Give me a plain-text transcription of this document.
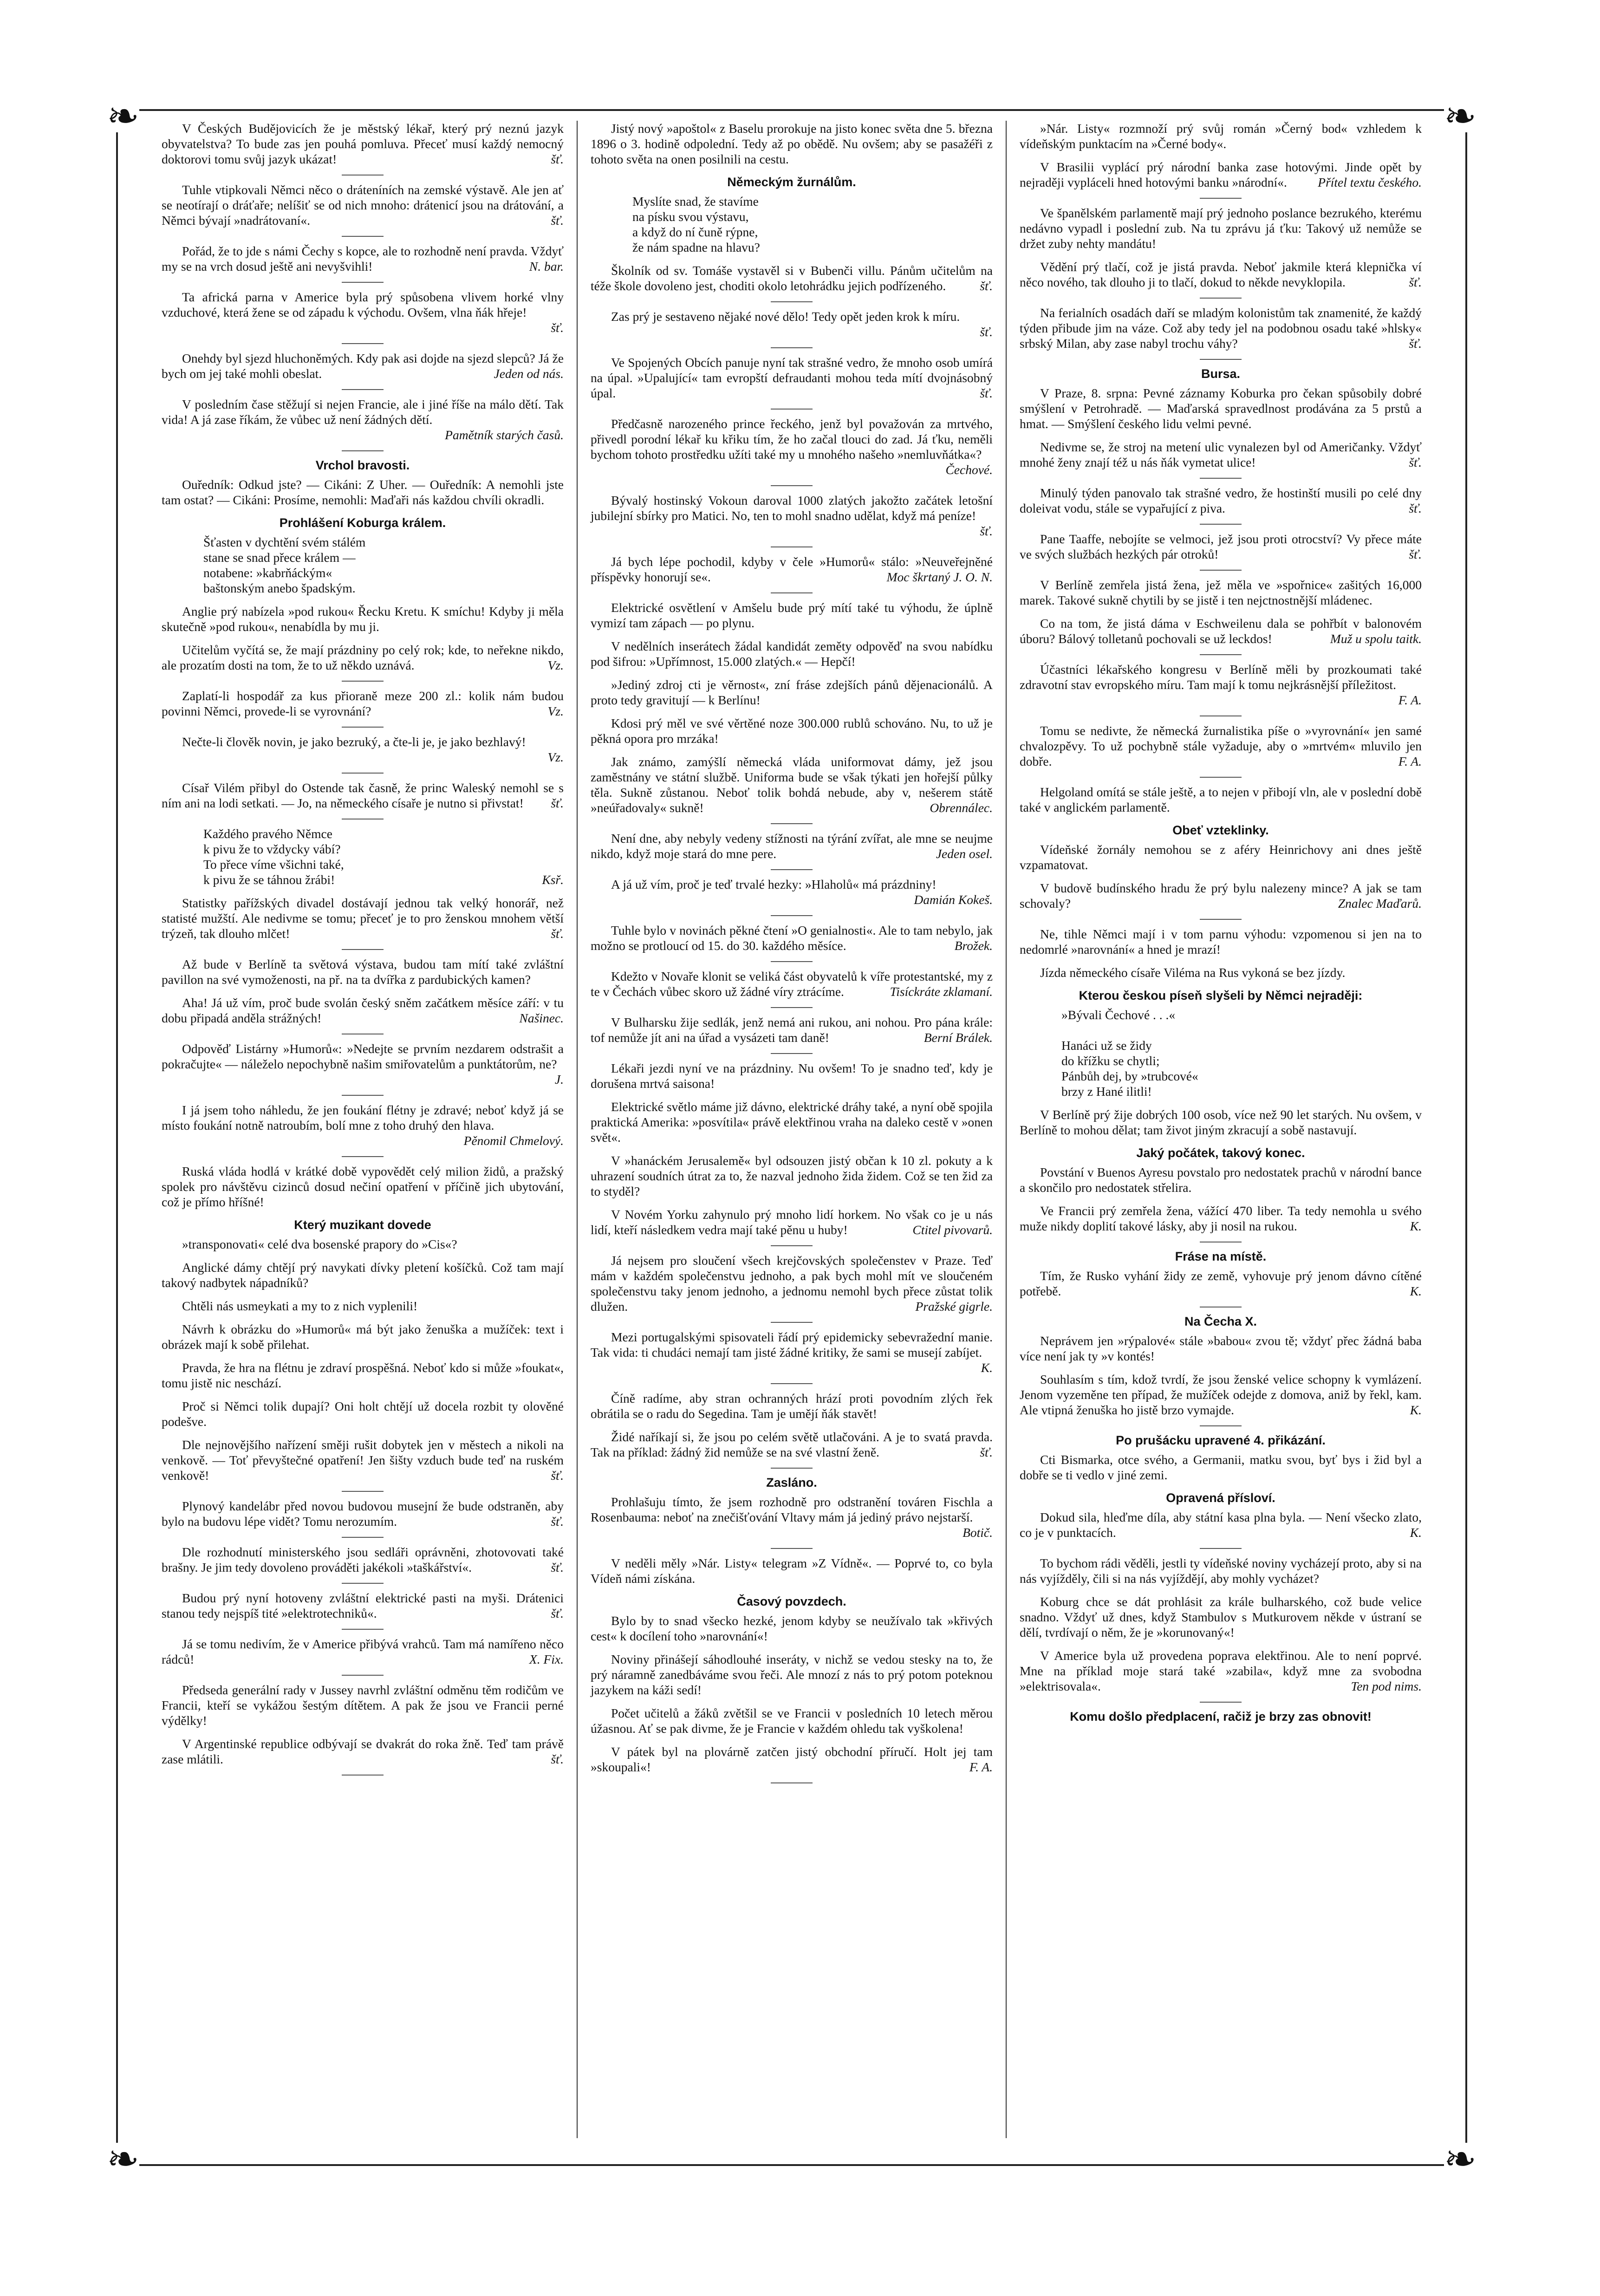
❧	❧
❧	❧
V Českých Budějovicích že je městský lékař, který prý neznú jazyk obyvatelstva? To bude zas jen pouhá pomluva. Přeceť musí každý nemocný doktorovi tomu svůj jazyk ukázat!	šť.
Tuhle vtipkovali Němci něco o dráteníních na zemské výstavě. Ale jen ať se neotírají o dráťaře; nelíšiť se od nich mnoho: drátenicí jsou na drátování, a Němci bývají »nadrátovaní«.	šť.
Pořád, že to jde s námi Čechy s kopce, ale to rozhodně není pravda. Vždyť my se na vrch dosud ještě ani nevyšvihli!	N. bar.
Ta africká parna v Americe byla prý spůsobena vlivem horké vlny vzduchové, která žene se od západu k východu. Ovšem, vlna ňák hřeje!
šť.
Onehdy byl sjezd hluchoněmých. Kdy pak asi dojde na sjezd slepců? Já že bych om jej také mohli obeslat.	Jeden od nás.
V posledním čase stěžují si nejen Francie, ale i jiné říše na málo dětí. Tak vida! A já zase říkám, že vůbec už není žádných dětí.
Pamětník starých časů.
Vrchol bravosti.
Ouředník: Odkud jste? — Cikáni: Z Uher. — Ouředník: A nemohli jste tam ostat? — Cikáni: Prosíme, nemohli: Maďaři nás každou chvíli okradli.
Prohlášení Koburga králem.
Šťasten v dychtění svém stálém
stane se snad přece králem —
notabene: »kabrňáckým«
baštonským anebo špadským.
Anglie prý nabízela »pod rukou« Řecku Kretu. K smíchu! Kdyby ji měla skutečně »pod rukou«, nenabídla by mu ji.
Učitelům vyčítá se, že mají prázdniny po celý rok; kde, to neřekne nikdo, ale prozatím dosti na tom, že to už někdo uznává.	Vz.
Zaplatí-li hospodář za kus přioraně meze 200 zl.: kolik nám budou povinni Němci, provede-li se vyrovnání?	Vz.
Nečte-li člověk novin, je jako bezruký, a čte-li je, je jako bezhlavý!
Vz.
Císař Vilém přibyl do Ostende tak časně, že princ Waleský nemohl se s ním ani na lodi setkati. — Jo, na německého císaře je nutno si přivstat!	šť.
Každého pravého Němce
k pivu že to vždycky vábí?
To přece víme všichni také,
k pivu že se táhnou žrábi!	Ksř.
Statistky pařížských divadel dostávají jednou tak velký honorář, než statisté mužští. Ale nedivme se tomu; přeceť je to pro ženskou mnohem větší trýzeň, tak dlouho mlčet!	šť.
Až bude v Berlíně ta světová výstava, budou tam mítí také zvláštní pavillon na své vymoženosti, na př. na ta dvířka z pardubických kamen?
Aha! Já už vím, proč bude svolán český sněm začátkem měsíce září: v tu dobu připadá anděla strážných!	Našinec.
Odpověď Listárny »Humorů«: »Nedejte se prvním nezdarem odstrašit a pokračujte« — náleželo nepochybně našim smiřovatelům a punktátorům, ne?
J.
I já jsem toho náhledu, že jen foukání flétny je zdravé; neboť když já se místo foukání notně natroubím, bolí mne z toho druhý den hlava.
Pěnomil Chmelový.
Ruská vláda hodlá v krátké době vypovědět celý milion židů, a pražský spolek pro návštěvu cizinců dosud nečiní opatření v příčině jich ubytování, což je přímo hříšné!
Který muzikant dovede
»transponovati« celé dva bosenské prapory do »Cis«?
Anglické dámy chtějí prý navykati dívky pletení košíčků. Což tam mají takový nadbytek nápadníků?
Chtěli nás usmeykati a my to z nich vyplenili!
Návrh k obrázku do »Humorů« má být jako ženuška a mužíček: text i obrázek mají k sobě přilehat.
Pravda, že hra na flétnu je zdraví prospěšná. Neboť kdo si může »foukat«, tomu jistě nic neschází.
Proč si Němci tolik dupají? Oni holt chtějí už docela rozbit ty olověné podešve.
Dle nejnovějšího nařízení směji rušit dobytek jen v městech a nikoli na venkově. — Toť převyštečné opatření! Jen šišty vzduch bude teď na ruském venkově!	šť.
Plynový kandelábr před novou budovou musejní že bude odstraněn, aby bylo na budovu lépe vidět? Tomu nerozumím.	šť.
Dle rozhodnutí ministerského jsou sedláři oprávněni, zhotovovati také brašny. Je jim tedy dovoleno prováděti jakékoli »taškářství«.	šť.
Budou prý nyní hotoveny zvláštní elektrické pasti na myši. Drátenici stanou tedy nejspíš tité »elektrotechniků«.	šť.
Já se tomu nedivím, že v Americe přibývá vrahců. Tam má namířeno něco rádců!	X. Fix.
Předseda generální rady v Jussey navrhl zvláštní odměnu těm rodičům ve Francii, kteří se vykážou šestým dítětem. A pak že jsou ve Francii perné výdělky!
V Argentinské republice odbývají se dvakrát do roka žně. Teď tam právě zase mlátili.	šť.
Jistý nový »apoštol« z Baselu prorokuje na jisto konec světa dne 5. března 1896 o 3. hodině odpolední. Tedy až po obědě. Nu ovšem; aby se pasažéři z tohoto světa na onen posilnili na cestu.
Německým žurnálům.
Myslíte snad, že stavíme
na písku svou výstavu,
a když do ní čuně rýpne,
že nám spadne na hlavu?
Školník od sv. Tomáše vystavěl si v Bubenči villu. Pánům učitelům na téže škole dovoleno jest, choditi okolo letohrádku jejich podřízeného.	šť.
Zas prý je sestaveno nějaké nové dělo! Tedy opět jeden krok k míru.
šť.
Ve Spojených Obcích panuje nyní tak strašné vedro, že mnoho osob umírá na úpal. »Upalující« tam evropští defraudanti mohou teda mítí dvojnásobný úpal.	šť.
Předčasně narozeného prince řeckého, jenž byl považován za mrtvého, přivedl porodní lékař ku křiku tím, že ho začal tlouci do zad. Já ťku, neměli bychom tohoto prostředku užíti také my u mnohého našeho »nemluvňátka«?
Čechové.
Bývalý hostinský Vokoun daroval 1000 zlatých jakožto začátek letošní jubilejní sbírky pro Matici. No, ten to mohl snadno udělat, když má peníze!
šť.
Já bych lépe pochodil, kdyby v čele »Humorů« stálo: »Neuveřejněné příspěvky honorují se«.	Moc škrtaný J. O. N.
Elektrické osvětlení v Amšelu bude prý mítí také tu výhodu, že úplně vymizí tam zápach — po plynu.
V nedělních inserátech žádal kandidát zeměty odpověď na svou nabídku pod šifrou: »Upřímnost, 15.000 zlatých.« — Hepčí!
»Jediný zdroj cti je věrnost«, zní fráse zdejších pánů dějenacionálů. A proto tedy gravitují — k Berlínu!
Kdosi prý měl ve své věrtěné noze 300.000 rublů schováno. Nu, to už je pěkná opora pro mrzáka!
Jak známo, zamýšlí německá vláda uniformovat dámy, jež jsou zaměstnány ve státní službě. Uniforma bude se však týkati jen hořejší půlky těla. Sukně zůstanou. Neboť tolik bohdá nebude, aby v, nešerem státě »neúřadovaly« sukně!	Obrennálec.
Není dne, aby nebyly vedeny stížnosti na týrání zvířat, ale mne se neujme nikdo, když moje stará do mne pere.	Jeden osel.
A já už vím, proč je teď trvalé hezky: »Hlaholů« má prázdniny!
Damián Kokeš.
Tuhle bylo v novinách pěkné čtení »O genialnosti«. Ale to tam nebylo, jak možno se protloucí od 15. do 30. každého měsíce.	Brožek.
Kdežto v Novaře klonit se veliká část obyvatelů k víře protestantské, my z te v Čechách vůbec skoro už žádné víry ztrácíme.	Tisíckráte zklamaní.
V Bulharsku žije sedlák, jenž nemá ani rukou, ani nohou. Pro pána krále: tof nemůže jít ani na úřad a vysázeti tam daně!	Berní Brálek.
Lékaři jezdi nyní ve na prázdniny. Nu ovšem! To je snadno teď, kdy je dorušena mrtvá saisona!
Elektrické světlo máme již dávno, elektrické dráhy také, a nyní obě spojila praktická Amerika: »posvítila« právě elektřinou vraha na daleko cestě v »onen svět«.
V »hanáckém Jerusalemě« byl odsouzen jistý občan k 10 zl. pokuty a k uhrazení soudních útrat za to, že nazval jednoho žida židem. Což se ten žid za to styděl?
V Novém Yorku zahynulo prý mnoho lidí horkem. No však co je u nás lidí, kteří následkem vedra mají také pěnu u huby!	Ctitel pivovarů.
Já nejsem pro sloučení všech krejčovských společenstev v Praze. Teď mám v každém společenstvu jednoho, a pak bych mohl mít ve sloučeném společenstvu taky jenom jednoho, a jednomu nemohl bych přece zůstat tolik dlužen.	Pražské gigrle.
Mezi portugalskými spisovateli řádí prý epidemicky sebevražední manie. Tak vida: ti chudáci nemají tam jisté žádné kritiky, že sami se musejí zabíjet.
K.
Číně radíme, aby stran ochranných hrází proti povodním zlých řek obrátila se o radu do Segedina. Tam je umějí ňák stavět!
Židé naříkají si, že jsou po celém světě utlačováni. A je to svatá pravda. Tak na příklad: žádný žid nemůže se na své vlastní ženě.	šť.
Zasláno.
Prohlašuju tímto, že jsem rozhodně pro odstranění továren Fischla a Rosenbauma: neboť na znečišťování Vltavy mám já jediný právo nejstarší.
Botič.
V neděli měly »Nár. Listy« telegram »Z Vídně«. — Poprvé to, co byla Vídeň námi získána.
Časový povzdech.
Bylo by to snad všecko hezké, jenom kdyby se neužívalo tak »křivých cest« k docílení toho »narovnání«!
Noviny přinášejí sáhodlouhé inseráty, v nichž se vedou stesky na to, že prý náramně zanedbáváme svou řeči. Ale mnozí z nás to prý potom poteknou jazykem na káži sedí!
Počet učitelů a žáků zvětšil se ve Francii v posledních 10 letech měrou úžasnou. Ať se pak divme, že je Francie v každém ohledu tak vyškolena!
V pátek byl na plovárně zatčen jistý obchodní příručí. Holt jej tam »skoupali«!	F. A.
»Nár. Listy« rozmnoží prý svůj román »Černý bod« vzhledem k vídeňským punktacím na »Černé body«.
V Brasilii vyplácí prý národní banka zase hotovými. Jinde opět by nejraději vypláceli hned hotovými banku »národní«.	Přítel textu českého.
Ve španělském parlamentě mají prý jednoho poslance bezrukého, kterému nedávno vypadl i poslední zub. Na tu zprávu já ťku: Takový už nemůže se držet zuby nehty mandátu!
Vědění prý tlačí, což je jistá pravda. Neboť jakmile která klepnička ví něco nového, tak dlouho ji to tlačí, dokud to někde nevyklopila.	šť.
Na ferialních osadách daří se mladým kolonistům tak znamenité, že každý týden přibude jim na váze. Což aby tedy jel na podobnou osadu také »hlsky« srbský Milan, aby zase nabyl trochu váhy?	šť.
Bursa.
V Praze, 8. srpna: Pevné záznamy Koburka pro čekan spůsobily dobré smýšlení v Petrohradě. — Maďarská spravedlnost prodávána za 5 prstů a hmat. — Smýšlení českého lidu velmi pevné.
Nedivme se, že stroj na metení ulic vynalezen byl od Američanky. Vždyť mnohé ženy znají též u nás ňák vymetat ulice!	šť.
Minulý týden panovalo tak strašné vedro, že hostinští musili po celé dny doleivat vodu, stále se vypařující z piva.	šť.
Pane Taaffe, nebojíte se velmoci, jež jsou proti otrocství? Vy přece máte ve svých službách hezkých pár otroků!	šť.
V Berlíně zemřela jistá žena, jež měla ve »spořnice« zašitých 16,000 marek. Takové sukně chytili by se jistě i ten nejctnostnější mládenec.
Co na tom, že jistá dáma v Eschweilenu dala se pohřbít v balonovém úboru? Bálový tolletanů pochovali se už leckdos!	Muž u spolu taitk.
Účastníci lékařského kongresu v Berlíně měli by prozkoumati také zdravotní stav evropského míru. Tam mají k tomu nejkrásnější příležitost.
F. A.
Tomu se nedivte, že německá žurnalistika píše o »vyrovnání« jen samé chvalozpěvy. To už pochybně stále vyžaduje, aby o »mrtvém« mluvilo jen dobře.	F. A.
Helgoland omítá se stále ještě, a to nejen v přibojí vln, ale v poslední době také v anglickém parlamentě.
Obeť vzteklinky.
Vídeňské žornály nemohou se z aféry Heinrichovy ani dnes ještě vzpamatovat.
V budově budínského hradu že prý bylu nalezeny mince? A jak se tam schovaly?	Znalec Maďarů.
Ne, tihle Němci mají i v tom parnu výhodu: vzpomenou si jen na to nedomrlé »narovnání« a hned je mrazí!
Jízda německého císaře Viléma na Rus vykoná se bez jízdy.
Kterou českou píseň slyšeli by Němci nejraději:
»Bývali Čechové . . .«

Hanáci už se židy
do křížku se chytli;
Pánbůh dej, by »trubcové«
brzy z Hané ilitli!
V Berlíně prý žije dobrých 100 osob, více než 90 let starých. Nu ovšem, v Berlíně to mohou dělat; tam život jiným zkracují a sobě nastavují.
Jaký počátek, takový konec.
Povstání v Buenos Ayresu povstalo pro nedostatek prachů v národní bance a skončilo pro nedostatek střelira.
Ve Francii prý zemřela žena, vážící 470 liber. Ta tedy nemohla u svého muže nikdy doplití takové lásky, aby ji nosil na rukou.	K.
Fráse na místě.
Tím, že Rusko vyhání židy ze země, vyhovuje prý jenom dávno cítěné potřebě.	K.
Na Čecha X.
Neprávem jen »rýpalové« stále »babou« zvou tě; vždyť přec žádná baba více není jak ty »v kontés!
Souhlasím s tím, kdož tvrdí, že jsou ženské velice schopny k vymlázení. Jenom vyzeměne ten případ, že mužíček odejde z domova, aniž by řekl, kam. Ale vtipná ženuška ho jistě brzo vymajde.	K.
Po prušácku upravené 4. přikázání.
Cti Bismarka, otce svého, a Germanii, matku svou, byť bys i žid byl a dobře se ti vedlo v jiné zemi.
Opravená přísloví.
Dokud sila, hleďme díla, aby státní kasa plna byla. — Není všecko zlato, co je v punktacích.	K.
To bychom rádi věděli, jestli ty vídeňské noviny vycházejí proto, aby si na nás vyjížděly, čili si na nás vyjíždějí, aby mohly vycházet?
Koburg chce se dát prohlásit za krále bulharského, což bude velice snadno. Vždyť už dnes, když Stambulov s Mutkurovem někde v ústraní se dělí, tvrdívají o něm, že je »korunovaný«!
V Americe byla už provedena poprava elektřinou. Ale to není poprvé. Mne na příklad moje stará také »zabila«, když mne za svobodna »elektrisovala«.	Ten pod nims.
Komu došlo předplacení, račiž je brzy zas obnovit!
